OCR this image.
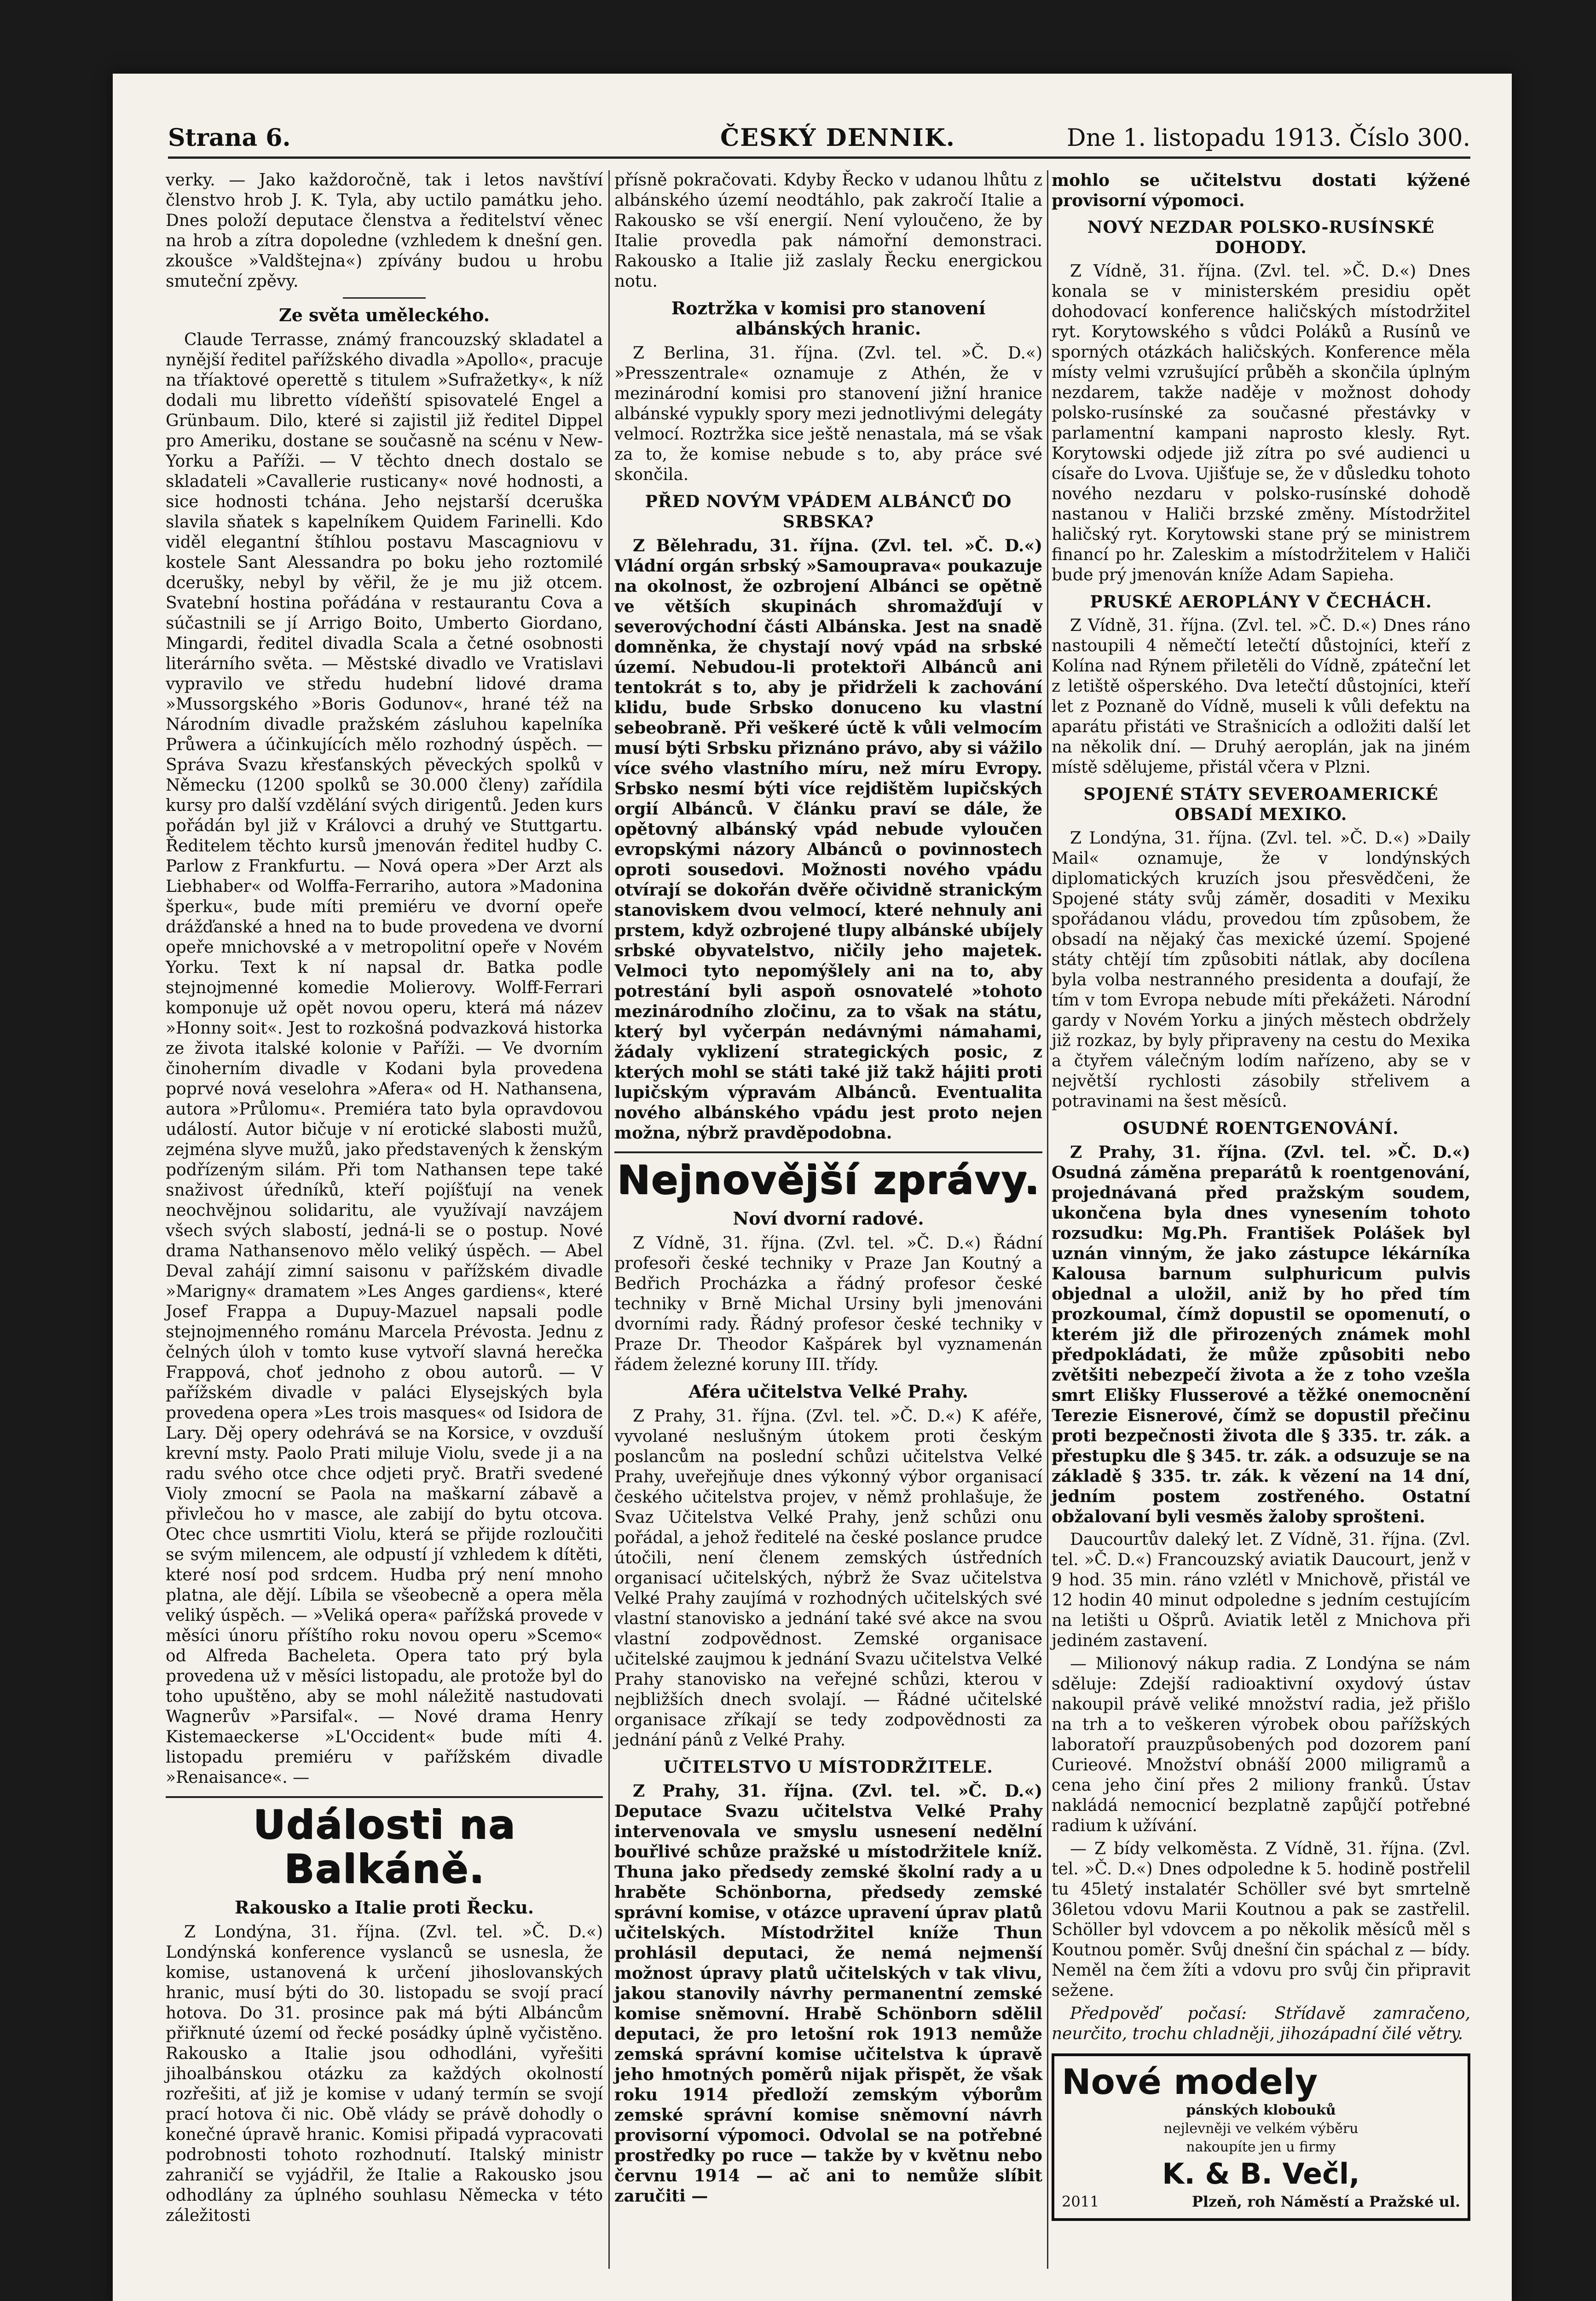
Strana 6.	ČESKÝ DENNIK.	Dne 1. listopadu 1913. Číslo 300.

verky. — Jako každoročně, tak i letos navštíví členstvo hrob J. K. Tyla, aby uctilo památku jeho. Dnes položí deputace členstva a ředitelství věnec na hrob a zítra dopoledne (vzhledem k dnešní gen. zkoušce »Valdštejna«) zpívány budou u hrobu smuteční zpěvy.

Ze světa uměleckého.

Claude Terrasse, známý francouzský skladatel a nynější ředitel pařížského divadla »Apollo«, pracuje na tříaktové operettě s titulem »Sufražetky«, k níž dodali mu libretto vídeňští spisovatelé Engel a Grünbaum. Dilo, které si zajistil již ředitel Dippel pro Ameriku, dostane se současně na scénu v New-Yorku a Paříži. — V těchto dnech dostalo se skladateli »Cavallerie rusticany« nové hodnosti, a sice hodnosti tchána. Jeho nejstarší dceruška slavila sňatek s kapelníkem Quidem Farinelli. Kdo viděl elegantní štíhlou postavu Mascagniovu v kostele Sant Alessandra po boku jeho roztomilé dcerušky, nebyl by věřil, že je mu již otcem. Svatební hostina pořádána v restaurantu Cova a súčastnili se jí Arrigo Boito, Umberto Giordano, Mingardi, ředitel divadla Scala a četné osobnosti literárního světa. — Městské divadlo ve Vratislavi vypravilo ve středu hudební lidové drama »Mussorgského »Boris Godunov«, hrané též na Národním divadle pražském zásluhou kapelníka Průwera a účinkujících mělo rozhodný úspěch. — Správa Svazu křesťanských pěveckých spolků v Německu (1200 spolků se 30.000 členy) zařídila kursy pro další vzdělání svých dirigentů. Jeden kurs pořádán byl již v Královci a druhý ve Stuttgartu. Ředitelem těchto kursů jmenován ředitel hudby C. Parlow z Frankfurtu. — Nová opera »Der Arzt als Liebhaber« od Wolffa-Ferrariho, autora »Madonina šperku«, bude míti premiéru ve dvorní opeře drážďanské a hned na to bude provedena ve dvorní opeře mnichovské a v metropolitní opeře v Novém Yorku. Text k ní napsal dr. Batka podle stejnojmenné komedie Molierovy. Wolff-Ferrari komponuje už opět novou operu, která má název »Honny soit«. Jest to rozkošná podvazková historka ze života italské kolonie v Paříži. — Ve dvorním činoherním divadle v Kodani byla provedena poprvé nová veselohra »Afera« od H. Nathansena, autora »Průlomu«. Premiéra tato byla opravdovou událostí. Autor bičuje v ní erotické slabosti mužů, zejména slyve mužů, jako představených k ženským podřízeným silám. Při tom Nathansen tepe také snaživost úředníků, kteří pojíšťují na venek neochvějnou solidaritu, ale využívají navzájem všech svých slabostí, jedná-li se o postup. Nové drama Nathansenovo mělo veliký úspěch. — Abel Deval zahájí zimní saisonu v pařížském divadle »Marigny« dramatem »Les Anges gardiens«, které Josef Frappa a Dupuy-Mazuel napsali podle stejnojmenného románu Marcela Prévosta. Jednu z čelných úloh v tomto kuse vytvoří slavná herečka Frappová, choť jednoho z obou autorů. — V pařížském divadle v paláci Elysejských byla provedena opera »Les trois masques« od Isidora de Lary. Děj opery odehrává se na Korsice, v ovzduší krevní msty. Paolo Prati miluje Violu, svede ji a na radu svého otce chce odjeti pryč. Bratři svedené Violy zmocní se Paola na maškarní zábavě a přivlečou ho v masce, ale zabijí do bytu otcova. Otec chce usmrtiti Violu, která se přijde rozloučiti se svým milencem, ale odpustí jí vzhledem k dítěti, které nosí pod srdcem. Hudba prý není mnoho platna, ale dějí. Líbila se všeobecně a opera měla veliký úspěch. — »Veliká opera« pařížská provede v měsíci únoru příštího roku novou operu »Scemo« od Alfreda Bacheleta. Opera tato prý byla provedena už v měsíci listopadu, ale protože byl do toho upuštěno, aby se mohl náležitě nastudovati Wagnerův »Parsifal«. — Nové drama Henry Kistemaeckerse »L'Occident« bude míti 4. listopadu premiéru v pařížském divadle »Renaisance«. —

Události na Balkáně.
Rakousko a Italie proti Řecku.

Z Londýna, 31. října. (Zvl. tel. »Č. D.«) Londýnská konference vyslanců se usnesla, že komise, ustanovená k určení jihoslovanských hranic, musí býti do 30. listopadu se svojí prací hotova. Do 31. prosince pak má býti Albáncům přiřknuté území od řecké posádky úplně vyčistěno. Rakousko a Italie jsou odhodláni, vyřešiti jihoalbánskou otázku za každých okolností rozřešiti, ať již je komise v udaný termín se svojí prací hotova či nic. Obě vlády se právě dohodly o konečné úpravě hranic. Komisi připadá vypracovati podrobnosti tohoto rozhodnutí. Italský ministr zahraničí se vyjádřil, že Italie a Rakousko jsou odhodlány za úplného souhlasu Německa v této záležitosti

přísně pokračovati. Kdyby Řecko v udanou lhůtu z albánského území neodtáhlo, pak zakročí Italie a Rakousko se vší energií. Není vyloučeno, že by Italie provedla pak námořní demonstraci. Rakousko a Italie již zaslaly Řecku energickou notu.

Roztržka v komisi pro stanovení albánských hranic.

Z Berlina, 31. října. (Zvl. tel. »Č. D.«) »Presszentrale« oznamuje z Athén, že v mezinárodní komisi pro stanovení jižní hranice albánské vypukly spory mezi jednotlivými delegáty velmocí. Roztržka sice ještě nenastala, má se však za to, že komise nebude s to, aby práce své skončila.

PŘED NOVÝM VPÁDEM ALBÁNCŮ DO SRBSKA?

Z Bělehradu, 31. října. (Zvl. tel. »Č. D.«) Vládní orgán srbský »Samouprava« poukazuje na okolnost, že ozbrojení Albánci se opětně ve větších skupinách shromažďují v severovýchodní části Albánska. Jest na snadě domněnka, že chystají nový vpád na srbské území. Nebudou-li protektoři Albánců ani tentokrát s to, aby je přidrželi k zachování klidu, bude Srbsko donuceno ku vlastní sebeobraně. Při veškeré úctě k vůli velmocím musí býti Srbsku přiznáno právo, aby si vážilo více svého vlastního míru, než míru Evropy. Srbsko nesmí býti více rejdištěm lupičských orgií Albánců. V článku praví se dále, že opětovný albánský vpád nebude vyloučen evropskými názory Albánců o povinnostech oproti sousedovi. Možnosti nového vpádu otvírají se dokořán dvěře očividně stranickým stanoviskem dvou velmocí, které nehnuly ani prstem, když ozbrojené tlupy albánské ubíjely srbské obyvatelstvo, ničily jeho majetek. Velmoci tyto nepomýšlely ani na to, aby potrestání byli aspoň osnovatelé »tohoto mezinárodního zločinu, za to však na státu, který byl vyčerpán nedávnými námahami, žádaly vyklizení strategických posic, z kterých mohl se státi také již takž hájiti proti lupičským výpravám Albánců. Eventualita nového albánského vpádu jest proto nejen možna, nýbrž pravděpodobna.

Nejnovější zprávy.
Noví dvorní radové.

Z Vídně, 31. října. (Zvl. tel. »Č. D.«) Řádní profesoři české techniky v Praze Jan Koutný a Bedřich Procházka a řádný profesor české techniky v Brně Michal Ursiny byli jmenováni dvorními rady. Řádný profesor české techniky v Praze Dr. Theodor Kašpárek byl vyznamenán řádem železné koruny III. třídy.

Aféra učitelstva Velké Prahy.

Z Prahy, 31. října. (Zvl. tel. »Č. D.«) K aféře, vyvolané neslušným útokem proti českým poslancům na poslední schůzi učitelstva Velké Prahy, uveřejňuje dnes výkonný výbor organisací českého učitelstva projev, v němž prohlašuje, že Svaz Učitelstva Velké Prahy, jenž schůzi onu pořádal, a jehož ředitelé na české poslance prudce útočili, není členem zemských ústředních organisací učitelských, nýbrž že Svaz učitelstva Velké Prahy zaujímá v rozhodných učitelských své vlastní stanovisko a jednání také své akce na svou vlastní zodpovědnost. Zemské organisace učitelské zaujmou k jednání Svazu učitelstva Velké Prahy stanovisko na veřejné schůzi, kterou v nejbližších dnech svolají. — Řádné učitelské organisace zříkají se tedy zodpovědnosti za jednání pánů z Velké Prahy.

UČITELSTVO U MÍSTODRŽITELE.

Z Prahy, 31. října. (Zvl. tel. »Č. D.«) Deputace Svazu učitelstva Velké Prahy intervenovala ve smyslu usnesení nedělní bouřlivé schůze pražské u místodržitele kníž. Thuna jako předsedy zemské školní rady a u hraběte Schönborna, předsedy zemské správní komise, v otázce upravení úprav platů učitelských. Místodržitel kníže Thun prohlásil deputaci, že nemá nejmenší možnost úpravy platů učitelských v tak vlivu, jakou stanovily návrhy permanentní zemské komise sněmovní. Hrabě Schönborn sdělil deputaci, že pro letošní rok 1913 nemůže zemská správní komise učitelstva k úpravě jeho hmotných poměrů nijak přispět, že však roku 1914 předloží zemským výborům zemské správní komise sněmovní návrh provisorní výpomoci. Odvolal se na potřebné prostředky po ruce — takže by v květnu nebo červnu 1914 — ač ani to nemůže slíbit zaručiti —

mohlo se učitelstvu dostati kýžené provisorní výpomoci.

NOVÝ NEZDAR POLSKO-RUSÍNSKÉ DOHODY.

Z Vídně, 31. října. (Zvl. tel. »Č. D.«) Dnes konala se v ministerském presidiu opět dohodovací konference haličských místodržitel ryt. Korytowského s vůdci Poláků a Rusínů ve sporných otázkách haličských. Konference měla místy velmi vzrušující průběh a skončila úplným nezdarem, takže naděje v možnost dohody polsko-rusínské za současné přestávky v parlamentní kampani naprosto klesly. Ryt. Korytowski odjede již zítra po své audienci u císaře do Lvova. Ujišťuje se, že v důsledku tohoto nového nezdaru v polsko-rusínské dohodě nastanou v Haliči brzské změny. Místodržitel haličský ryt. Korytowski stane prý se ministrem financí po hr. Zaleskim a místodržitelem v Haliči bude prý jmenován kníže Adam Sapieha.

PRUSKÉ AEROPLÁNY V ČECHÁCH.

Z Vídně, 31. října. (Zvl. tel. »Č. D.«) Dnes ráno nastoupili 4 němečtí letečtí důstojníci, kteří z Kolína nad Rýnem přiletěli do Vídně, zpáteční let z letiště ošperského. Dva letečtí důstojníci, kteří let z Poznaně do Vídně, museli k vůli defektu na aparátu přistáti ve Strašnicích a odložiti další let na několik dní. — Druhý aeroplán, jak na jiném místě sdělujeme, přistál včera v Plzni.

SPOJENÉ STÁTY SEVEROAMERICKÉ OBSADÍ MEXIKO.

Z Londýna, 31. října. (Zvl. tel. »Č. D.«) »Daily Mail« oznamuje, že v londýnských diplomatických kruzích jsou přesvědčeni, že Spojené státy svůj záměr, dosaditi v Mexiku spořádanou vládu, provedou tím způsobem, že obsadí na nějaký čas mexické území. Spojené státy chtějí tím způsobiti nátlak, aby docílena byla volba nestranného presidenta a doufají, že tím v tom Evropa nebude míti překážeti. Národní gardy v Novém Yorku a jiných městech obdržely již rozkaz, by byly připraveny na cestu do Mexika a čtyřem válečným lodím nařízeno, aby se v největší rychlosti zásobily střelivem a potravinami na šest měsíců.

OSUDNÉ ROENTGENOVÁNÍ.

Z Prahy, 31. října. (Zvl. tel. »Č. D.«) Osudná záměna preparátů k roentgenování, projednávaná před pražským soudem, ukončena byla dnes vynesením tohoto rozsudku: Mg.Ph. František Polášek byl uznán vinným, že jako zástupce lékárníka Kalousa barnum sulphuricum pulvis objednal a uložil, aniž by ho před tím prozkoumal, čímž dopustil se opomenutí, o kterém již dle přirozených známek mohl předpokládati, že může způsobiti nebo zvětšiti nebezpečí života a že z toho vzešla smrt Elišky Flusserové a těžké onemocnění Terezie Eisnerové, čímž se dopustil přečinu proti bezpečnosti života dle § 335. tr. zák. a přestupku dle § 345. tr. zák. a odsuzuje se na základě § 335. tr. zák. k vězení na 14 dní, jedním postem zostřeného. Ostatní obžalovaní byli vesměs žaloby sprošteni.

Daucourtův daleký let. Z Vídně, 31. října. (Zvl. tel. »Č. D.«) Francouzský aviatik Daucourt, jenž v 9 hod. 35 min. ráno vzlétl v Mnichově, přistál ve 12 hodin 40 minut odpoledne s jedním cestujícím na letišti u Ošprů. Aviatik letěl z Mnichova při jediném zastavení.

— Milionový nákup radia. Z Londýna se nám sděluje: Zdejší radioaktivní oxydový ústav nakoupil právě veliké množství radia, jež přišlo na trh a to veškeren výrobek obou pařížských laboratoří prauzpůsobených pod dozorem paní Curieové. Množství obnáší 2000 miligramů a cena jeho činí přes 2 miliony franků. Ústav nakládá nemocnicí bezplatně zapůjčí potřebné radium k užívání.

— Z bídy velkoměsta. Z Vídně, 31. října. (Zvl. tel. »Č. D.«) Dnes odpoledne k 5. hodině postřelil tu 45letý instalatér Schöller své byt smrtelně 36letou vdovu Marii Koutnou a pak se zastřelil. Schöller byl vdovcem a po několik měsíců měl s Koutnou poměr. Svůj dnešní čin spáchal z — bídy. Neměl na čem žíti a vdovu pro svůj čin připravit sežene.

Předpověď počasí: Střídavě zamračeno, neurčito, trochu chladněji, jihozápadní čilé větry.

Nové modely
pánských klobouků
nejlevněji ve velkém výběru
nakoupíte jen u firmy
K. & B. Večl,
2011	Plzeň, roh Náměstí a Pražské ul.
